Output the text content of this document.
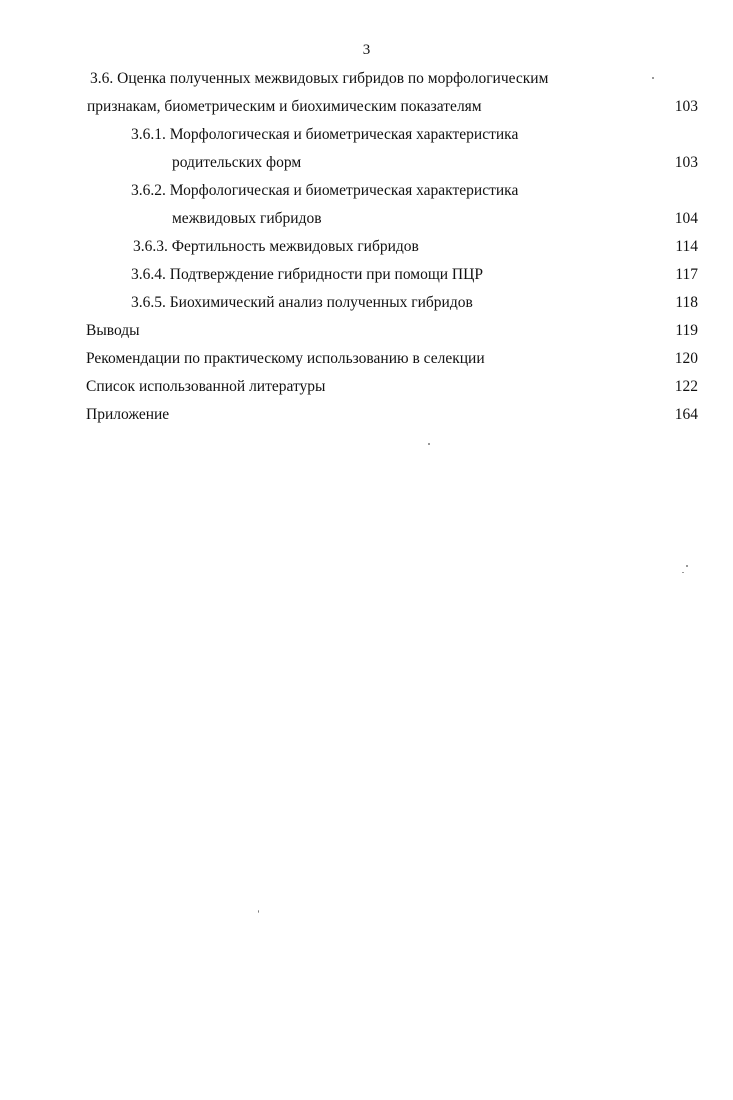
3
3.6. Оценка полученных межвидовых гибридов по морфологическим
признакам, биометрическим и биохимическим показателям	103
3.6.1. Морфологическая и биометрическая характеристика
родительских форм	103
3.6.2. Морфологическая и биометрическая характеристика
межвидовых гибридов	104
3.6.3. Фертильность межвидовых гибридов	114
3.6.4. Подтверждение гибридности при помощи ПЦР	117
3.6.5. Биохимический анализ полученных гибридов	118
Выводы	119
Рекомендации по практическому использованию в селекции	120
Список использованной литературы	122
Приложение	164
